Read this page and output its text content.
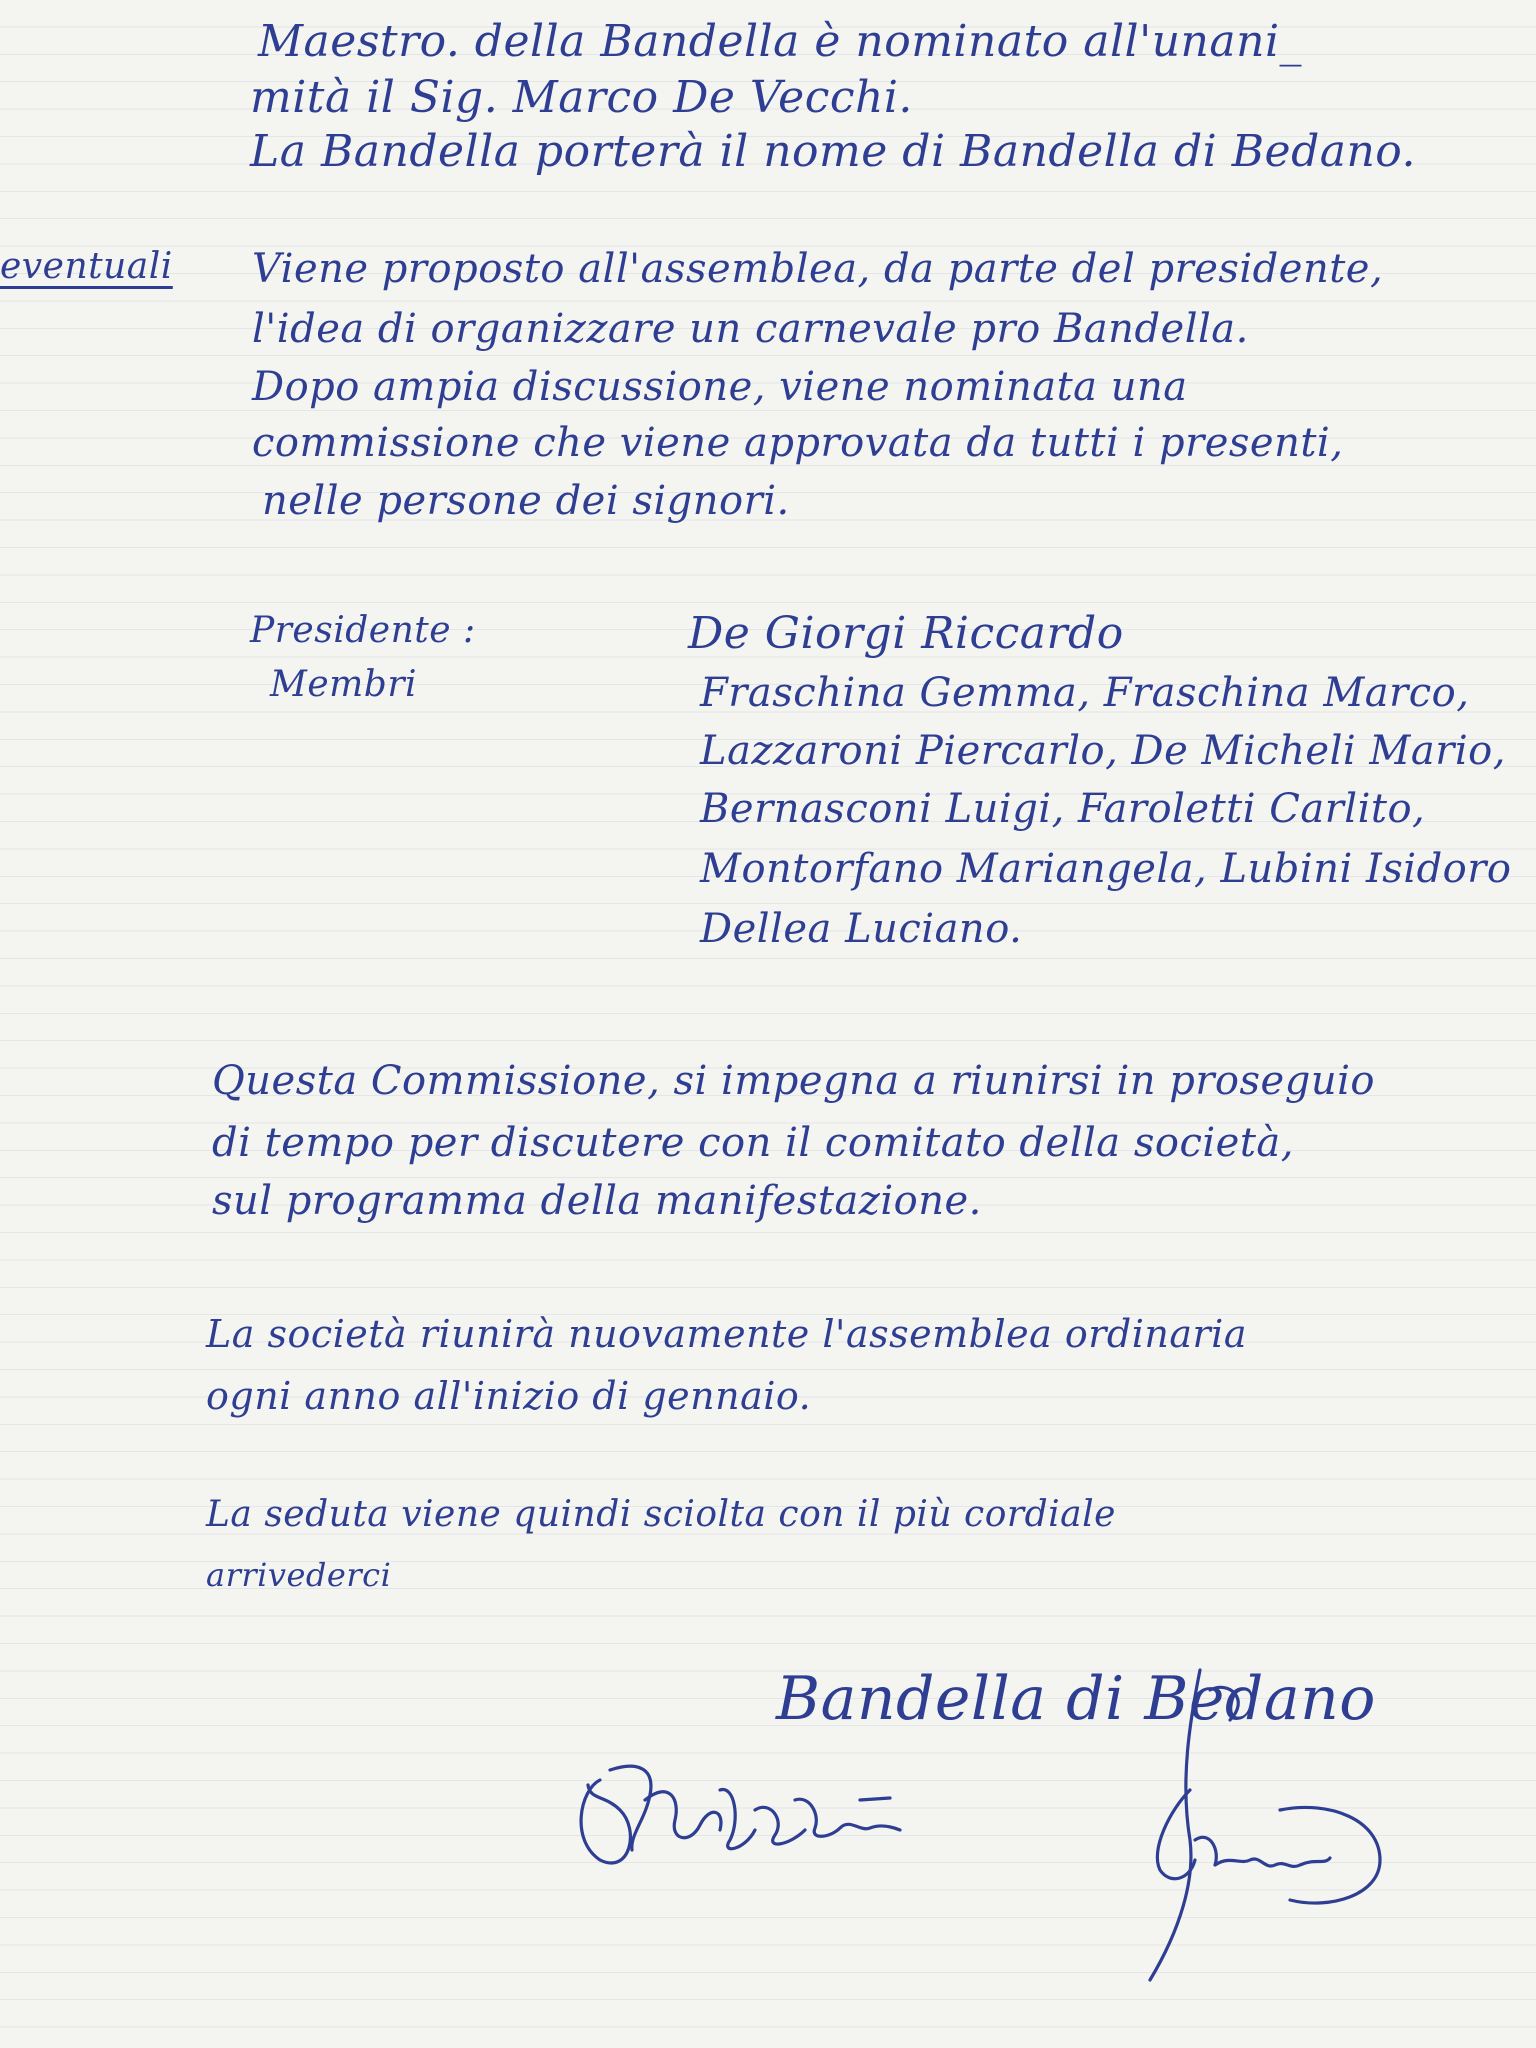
Maestro. della Bandella è nominato all'unani_
mità il Sig. Marco De Vecchi.
La Bandella porterà il nome di Bandella di Bedano.
eventuali Viene proposto all'assemblea, da parte del presidente,
l'idea di organizzare un carnevale pro Bandella.
Dopo ampia discussione, viene nominata una
commissione che viene approvata da tutti i presenti,
nelle persone dei signori.
Presidente :
Membri
De Giorgi Riccardo
Fraschina Gemma, Fraschina Marco,
Lazzaroni Piercarlo, De Micheli Mario,
Bernasconi Luigi, Faroletti Carlito,
Montorfano Mariangela, Lubini Isidoro
Dellea Luciano.
Questa Commissione, si impegna a riunirsi in proseguio
di tempo per discutere con il comitato della società,
sul programma della manifestazione.
La società riunirà nuovamente l'assemblea ordinaria
ogni anno all'inizio di gennaio.
La seduta viene quindi sciolta con il più cordiale
arrivederci
Bandella di Bedano
